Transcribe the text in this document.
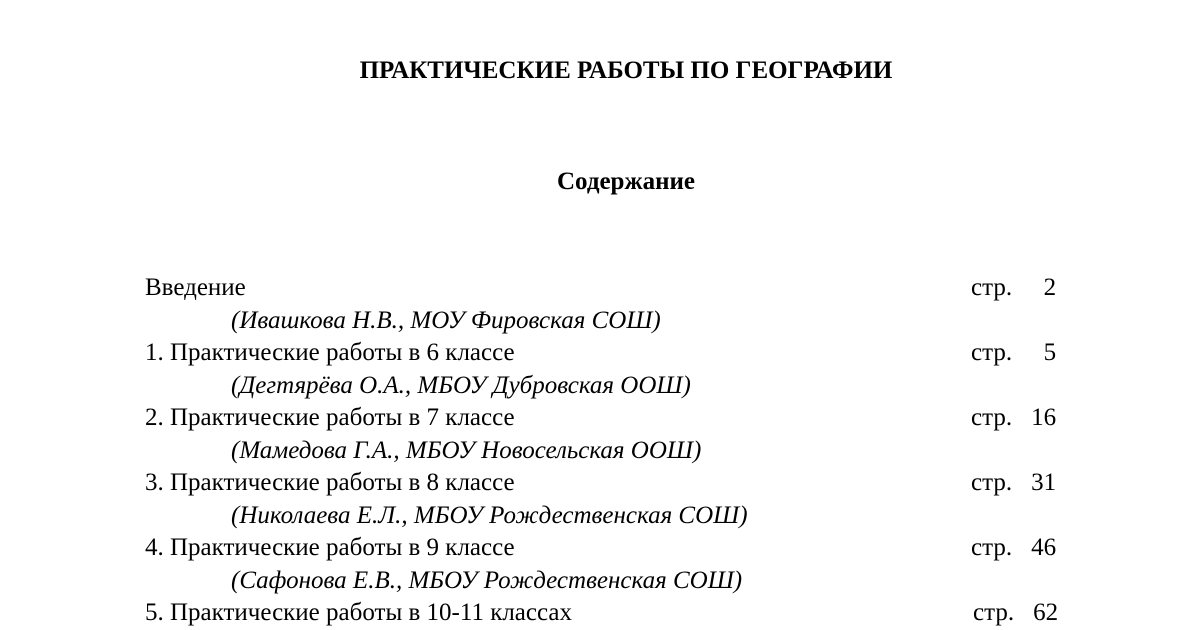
ПРАКТИЧЕСКИЕ РАБОТЫ ПО ГЕОГРАФИИ
Содержание
Введение	стр. 2
(Ивашкова Н.В., МОУ Фировская СОШ)
1. Практические работы в 6 классе	стр. 5
(Дегтярёва О.А., МБОУ Дубровская ООШ)
2. Практические работы в 7 классе	стр. 16
(Мамедова Г.А., МБОУ Новосельская ООШ)
3. Практические работы в 8 классе	стр. 31
(Николаева Е.Л., МБОУ Рождественская СОШ)
4. Практические работы в 9 классе	стр. 46
(Сафонова Е.В., МБОУ Рождественская СОШ)
5. Практические работы в 10-11 классах	стр. 62
